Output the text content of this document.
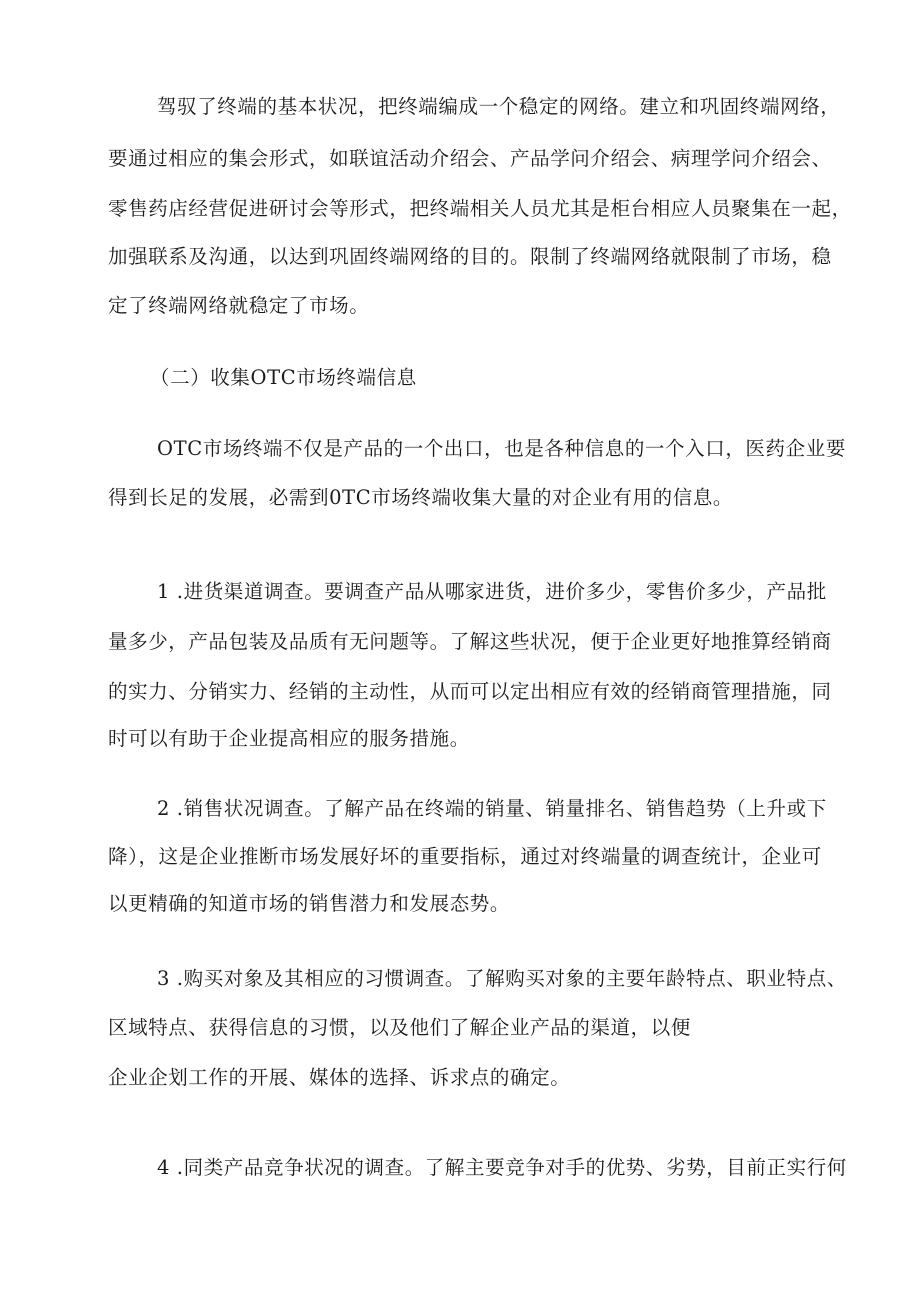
驾驭了终端的基本状况，把终端编成一个稳定的网络。建立和巩固终端网络，
要通过相应的集会形式，如联谊活动介绍会、产品学问介绍会、病理学问介绍会、
零售药店经营促进研讨会等形式，把终端相关人员尤其是柜台相应人员聚集在一起，
加强联系及沟通，以达到巩固终端网络的目的。限制了终端网络就限制了市场，稳
定了终端网络就稳定了市场。
（二）收集OTC市场终端信息
OTC市场终端不仅是产品的一个出口，也是各种信息的一个入口，医药企业要
得到长足的发展，必需到0TC市场终端收集大量的对企业有用的信息。
1 .进货渠道调查。要调查产品从哪家进货，进价多少，零售价多少，产品批
量多少，产品包装及品质有无问题等。了解这些状况，便于企业更好地推算经销商
的实力、分销实力、经销的主动性，从而可以定出相应有效的经销商管理措施，同
时可以有助于企业提高相应的服务措施。
2 .销售状况调查。了解产品在终端的销量、销量排名、销售趋势（上升或下
降），这是企业推断市场发展好坏的重要指标，通过对终端量的调查统计，企业可
以更精确的知道市场的销售潜力和发展态势。
3 .购买对象及其相应的习惯调查。了解购买对象的主要年龄特点、职业特点、
区域特点、获得信息的习惯，以及他们了解企业产品的渠道，以便
企业企划工作的开展、媒体的选择、诉求点的确定。
4 .同类产品竞争状况的调查。了解主要竞争对手的优势、劣势，目前正实行何
